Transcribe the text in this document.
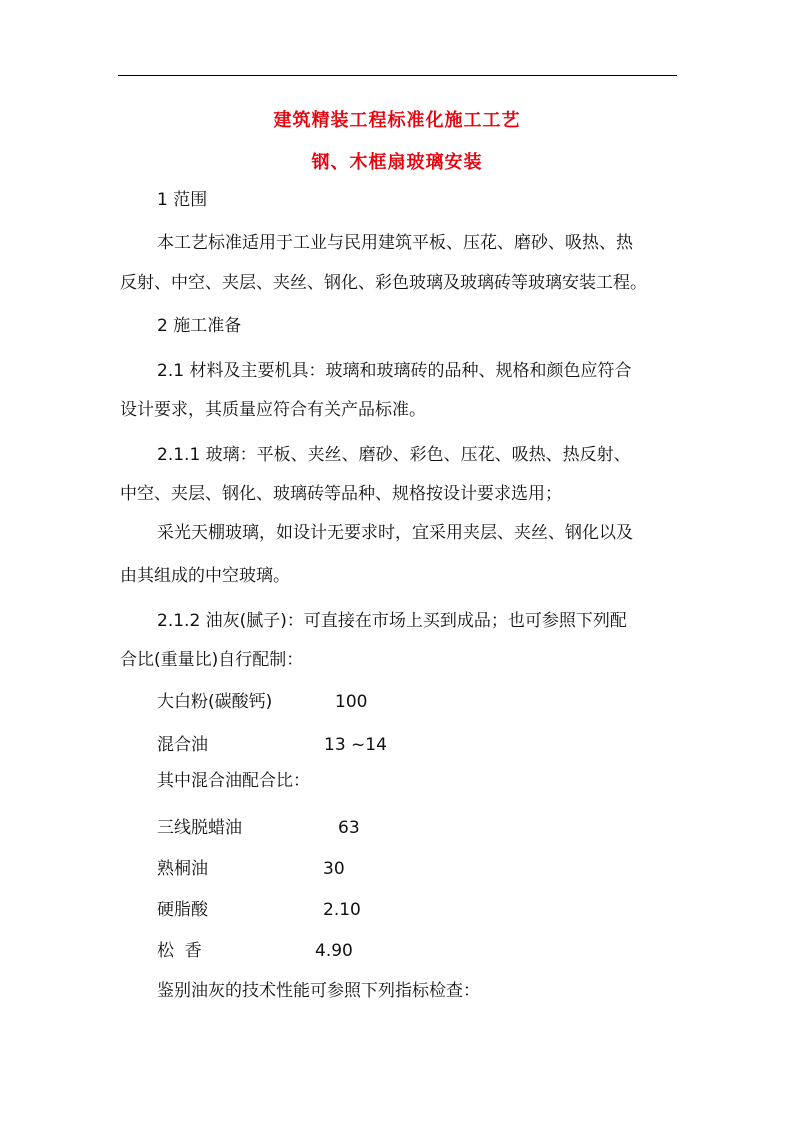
建筑精装工程标准化施工工艺
钢、木框扇玻璃安装
1 范围
本工艺标准适用于工业与民用建筑平板、压花、磨砂、吸热、热
反射、中空、夹层、夹丝、钢化、彩色玻璃及玻璃砖等玻璃安装工程。
2 施工准备
2.1 材料及主要机具：玻璃和玻璃砖的品种、规格和颜色应符合
设计要求，其质量应符合有关产品标准。
2.1.1 玻璃：平板、夹丝、磨砂、彩色、压花、吸热、热反射、
中空、夹层、钢化、玻璃砖等品种、规格按设计要求选用；
采光天棚玻璃，如设计无要求时，宜采用夹层、夹丝、钢化以及
由其组成的中空玻璃。
2.1.2 油灰(腻子)：可直接在市场上买到成品；也可参照下列配
合比(重量比)自行配制：
大白粉(碳酸钙)	100
混合油	13 ~14
其中混合油配合比：
三线脱蜡油	63
熟桐油	30
硬脂酸	2.10
松  香	4.90
鉴别油灰的技术性能可参照下列指标检查：
